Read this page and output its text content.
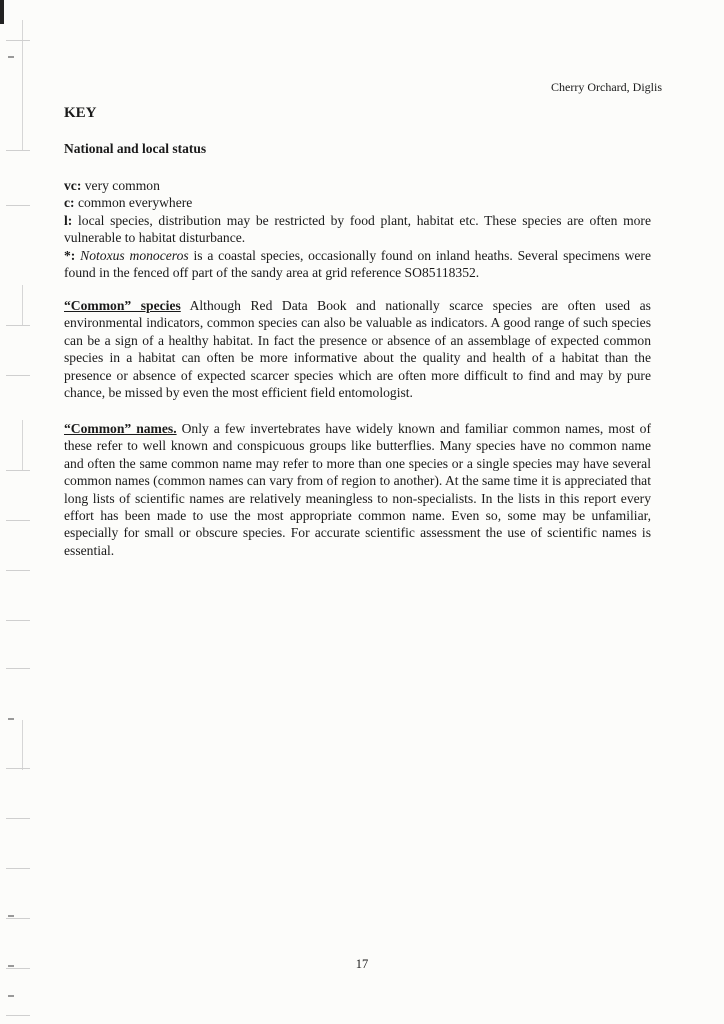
Cherry Orchard, Diglis
KEY
National and local status
vc: very common
c: common everywhere
l: local species, distribution may be restricted by food plant, habitat etc. These species are often more vulnerable to habitat disturbance.
*: Notoxus monoceros is a coastal species, occasionally found on inland heaths. Several specimens were found in the fenced off part of the sandy area at grid reference SO85118352.
“Common” species Although Red Data Book and nationally scarce species are often used as environmental indicators, common species can also be valuable as indicators. A good range of such species can be a sign of a healthy habitat. In fact the presence or absence of an assemblage of expected common species in a habitat can often be more informative about the quality and health of a habitat than the presence or absence of expected scarcer species which are often more difficult to find and may by pure chance, be missed by even the most efficient field entomologist.
“Common” names. Only a few invertebrates have widely known and familiar common names, most of these refer to well known and conspicuous groups like butterflies. Many species have no common name and often the same common name may refer to more than one species or a single species may have several common names (common names can vary from of region to another). At the same time it is appreciated that long lists of scientific names are relatively meaningless to non-specialists. In the lists in this report every effort has been made to use the most appropriate common name. Even so, some may be unfamiliar, especially for small or obscure species. For accurate scientific assessment the use of scientific names is essential.
17
